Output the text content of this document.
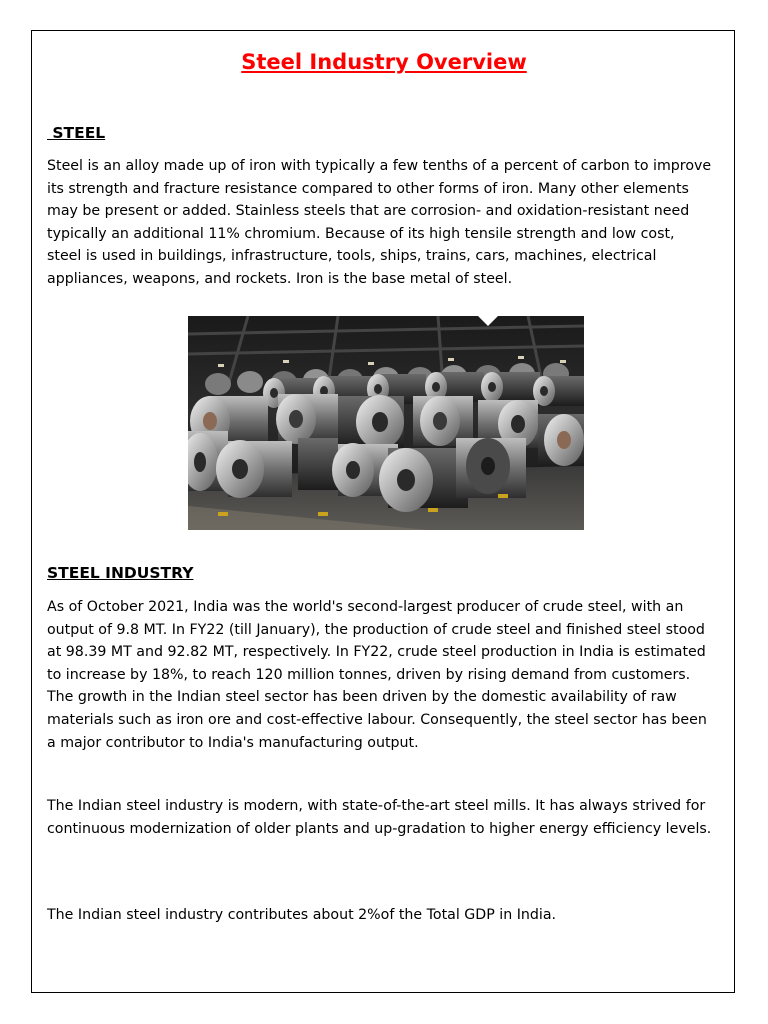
Steel Industry Overview
STEEL

Steel is an alloy made up of iron with typically a few tenths of a percent of carbon to improve its strength and fracture resistance compared to other forms of iron. Many other elements may be present or added. Stainless steels that are corrosion- and oxidation-resistant need typically an additional 11% chromium. Because of its high tensile strength and low cost, steel is used in buildings, infrastructure, tools, ships, trains, cars, machines, electrical appliances, weapons, and rockets. Iron is the base metal of steel.

STEEL INDUSTRY

As of October 2021, India was the world's second-largest producer of crude steel, with an output of 9.8 MT. In FY22 (till January), the production of crude steel and finished steel stood at 98.39 MT and 92.82 MT, respectively. In FY22, crude steel production in India is estimated to increase by 18%, to reach 120 million tonnes, driven by rising demand from customers. The growth in the Indian steel sector has been driven by the domestic availability of raw materials such as iron ore and cost-effective labour. Consequently, the steel sector has been a major contributor to India's manufacturing output.

The Indian steel industry is modern, with state-of-the-art steel mills. It has always strived for continuous modernization of older plants and up-gradation to higher energy efficiency levels.

The Indian steel industry contributes about 2%of the Total GDP in India.
